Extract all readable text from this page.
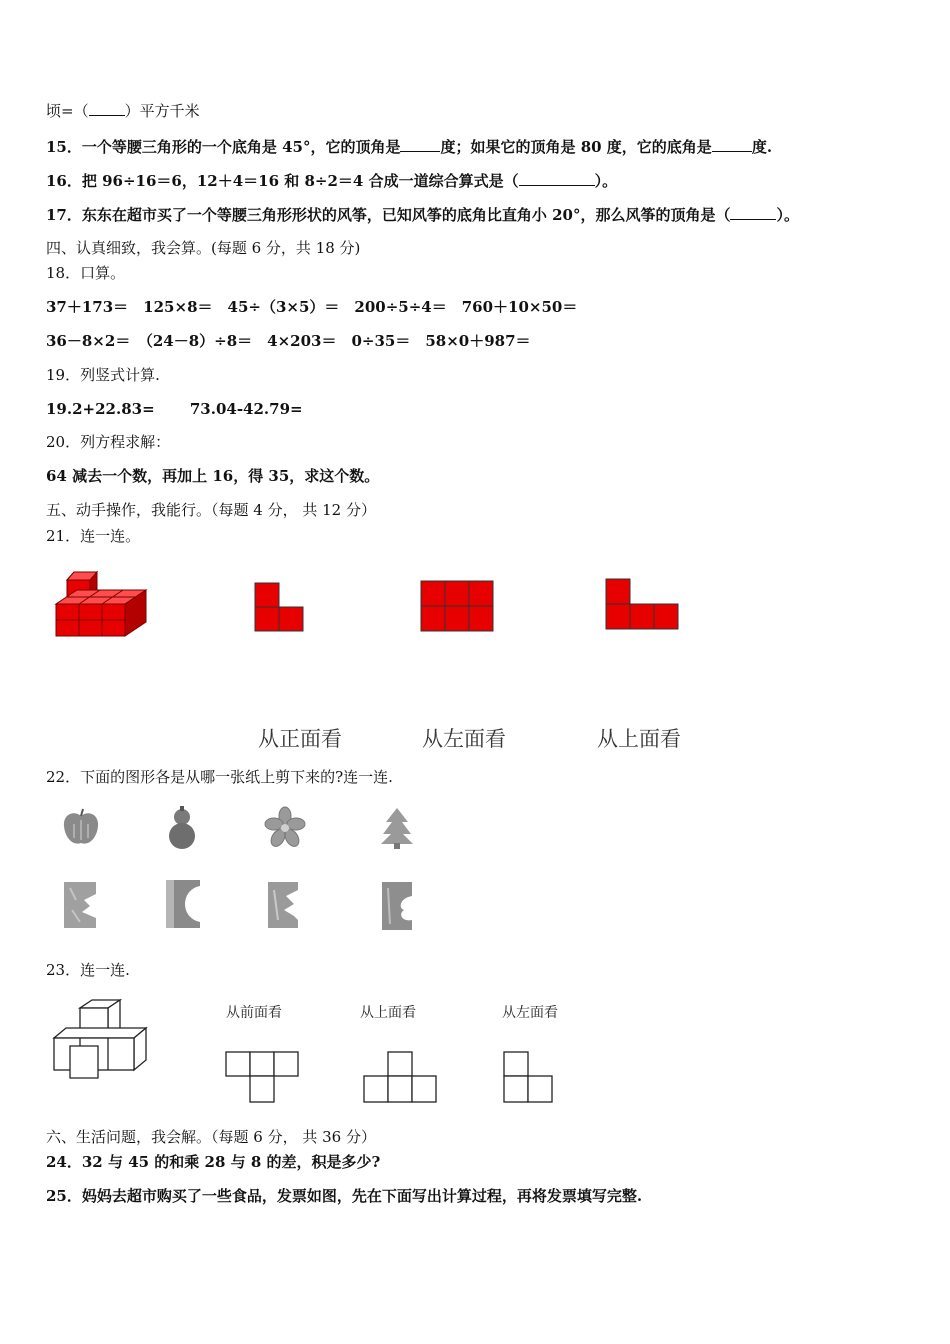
顷=（ ）平方千米
15．一个等腰三角形的一个底角是 45°，它的顶角是	度；如果它的顶角是 80 度，它的底角是	度.
16．把 96÷16＝6，12＋4＝16 和 8÷2＝4 合成一道综合算式是（	）。
17．东东在超市买了一个等腰三角形形状的风筝，已知风筝的底角比直角小 20°，那么风筝的顶角是（	）。
四、认真细致，我会算。(每题 6 分，共 18 分)
18．口算。
37＋173＝　125×8＝　45÷（3×5）＝　200÷5÷4＝　760＋10×50＝
36－8×2＝　（24－8）÷8＝　4×203＝　0÷35＝　58×0＋987＝
19．列竖式计算.
19.2+22.83=　　 73.04-42.79=
20．列方程求解：
64 减去一个数，再加上 16，得 35，求这个数。
五、动手操作，我能行。（每题 4 分， 共 12 分）
21．连一连。
从正面看	从左面看	从上面看
22．下面的图形各是从哪一张纸上剪下来的?连一连.
23．连一连.
从前面看	从上面看	从左面看
六、生活问题，我会解。（每题 6 分， 共 36 分）
24．32 与 45 的和乘 28 与 8 的差，积是多少?
25．妈妈去超市购买了一些食品，发票如图，先在下面写出计算过程，再将发票填写完整.
